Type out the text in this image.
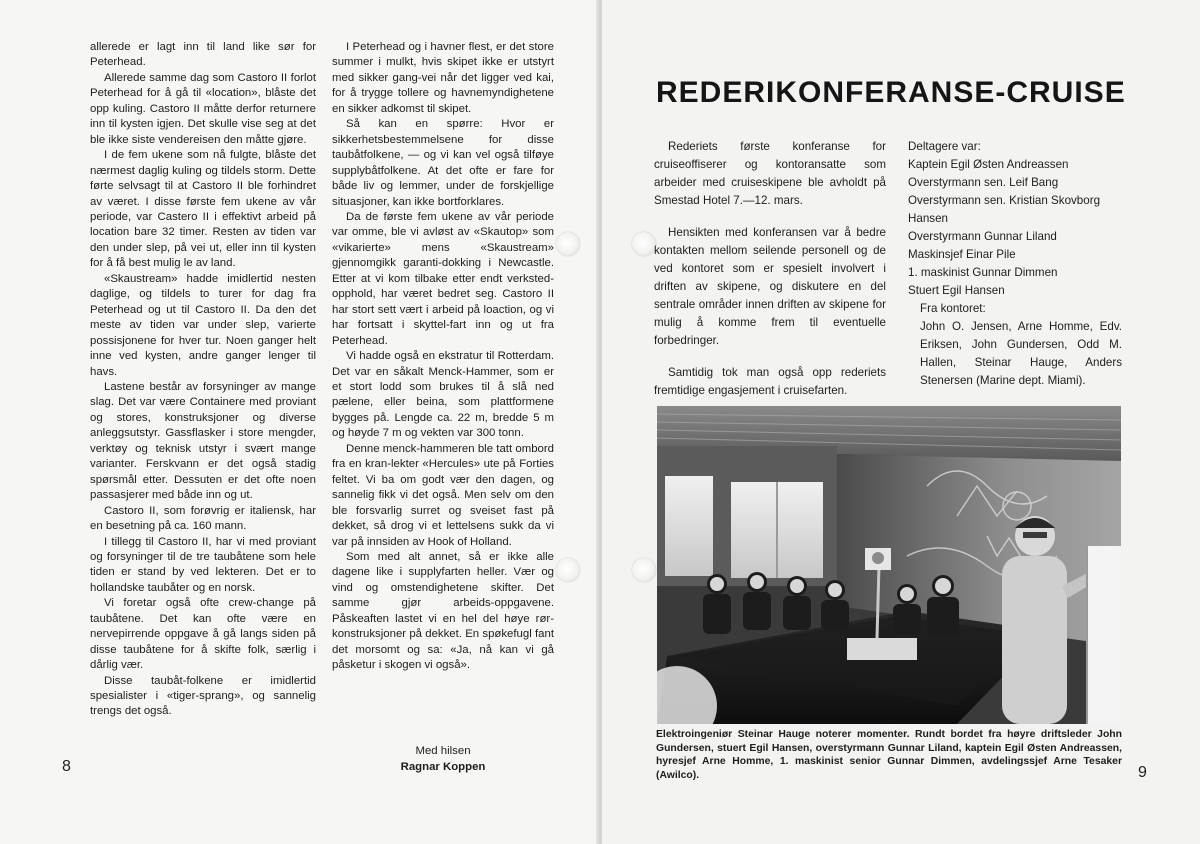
allerede er lagt inn til land like sør for Peterhead.

Allerede samme dag som Castoro II forlot Peterhead for å gå til «location», blåste det opp kuling. Castoro II måtte derfor returnere inn til kysten igjen. Det skulle vise seg at det ble ikke siste vendereisen den måtte gjøre.

I de fem ukene som nå fulgte, blåste det nærmest daglig kuling og tildels storm. Dette førte selvsagt til at Castoro II ble forhindret av været. I disse første fem ukene av vår periode, var Castero II i effektivt arbeid på location bare 32 timer. Resten av tiden var den under slep, på vei ut, eller inn til kysten for å få best mulig le av land.

«Skaustream» hadde imidlertid nesten daglige, og tildels to turer for dag fra Peterhead og ut til Castoro II. Da den det meste av tiden var under slep, varierte possisjonene for hver tur. Noen ganger helt inne ved kysten, andre ganger lenger til havs.

Lastene består av forsyninger av mange slag. Det var være Containere med proviant og stores, konstruksjoner og diverse anleggsutstyr. Gassflasker i store mengder, verktøy og teknisk utstyr i svært mange varianter. Ferskvann er det også stadig spørsmål etter. Dessuten er det ofte noen passasjerer med både inn og ut.

Castoro II, som forøvrig er italiensk, har en besetning på ca. 160 mann.

I tillegg til Castoro II, har vi med proviant og forsyninger til de tre taubåtene som hele tiden er stand by ved lekteren. Det er to hollandske taubåter og en norsk.

Vi foretar også ofte crew-change på taubåtene. Det kan ofte være en nervepirrende oppgave å gå langs siden på disse taubåtene for å skifte folk, særlig i dårlig vær.

Disse taubåt-folkene er imidlertid spesialister i «tiger-sprang», og sannelig trengs det også.

I Peterhead og i havner flest, er det store summer i mulkt, hvis skipet ikke er utstyrt med sikker gang-vei når det ligger ved kai, for å trygge tollere og havnemyndighetene en sikker adkomst til skipet.

Så kan en spørre: Hvor er sikkerhetsbestemmelsene for disse taubåtfolkene, — og vi kan vel også tilføye supplybåtfolkene. At det ofte er fare for både liv og lemmer, under de forskjellige situasjoner, kan ikke bortforklares.

Da de første fem ukene av vår periode var omme, ble vi avløst av «Skautop» som «vikarierte» mens «Skaustream» gjennomgikk garanti-dokking i Newcastle. Etter at vi kom tilbake etter endt verksted-opphold, har været bedret seg. Castoro II har stort sett vært i arbeid på loaction, og vi har fortsatt i skyttel-fart inn og ut fra Peterhead.

Vi hadde også en ekstratur til Rotterdam. Det var en såkalt Menck-Hammer, som er et stort lodd som brukes til å slå ned pælene, eller beina, som plattformene bygges på. Lengde ca. 22 m, bredde 5 m og høyde 7 m og vekten var 300 tonn.

Denne menck-hammeren ble tatt ombord fra en kran-lekter «Hercules» ute på Forties feltet. Vi ba om godt vær den dagen, og sannelig fikk vi det også. Men selv om den ble forsvarlig surret og sveiset fast på dekket, så drog vi et lettelsens sukk da vi var på innsiden av Hook of Holland.

Som med alt annet, så er ikke alle dagene like i supplyfarten heller. Vær og vind og omstendighetene skifter. Det samme gjør arbeids-oppgavene. Påskeaften lastet vi en hel del høye rør-konstruksjoner på dekket. En spøkefugl fant det morsomt og sa: «Ja, nå kan vi gå påsketur i skogen vi også».

Med hilsen
Ragnar Koppen
8
REDERIKONFERANSE-CRUISE

Rederiets første konferanse for cruiseoffiserer og kontoransatte som arbeider med cruiseskipene ble avholdt på Smestad Hotel 7.—12. mars.

Hensikten med konferansen var å bedre kontakten mellom seilende personell og de ved kontoret som er spesielt involvert i driften av skipene, og diskutere en del sentrale områder innen driften av skipene for mulig å komme frem til eventuelle forbedringer.

Samtidig tok man også opp rederiets fremtidige engasjement i cruisefarten.

Deltagere var:
Kaptein Egil Østen Andreassen
Overstyrmann sen. Leif Bang
Overstyrmann sen. Kristian Skovborg Hansen
Overstyrmann Gunnar Liland
Maskinsjef Einar Pile
1. maskinist Gunnar Dimmen
Stuert Egil Hansen
Fra kontoret:
John O. Jensen, Arne Homme, Edv. Eriksen, John Gundersen, Odd M. Hallen, Steinar Hauge, Anders Stenersen (Marine dept. Miami).
Elektroingeniør Steinar Hauge noterer momenter. Rundt bordet fra høyre driftsleder John Gundersen, stuert Egil Hansen, overstyrmann Gunnar Liland, kaptein Egil Østen Andreassen, hyresjef Arne Homme, 1. maskinist senior Gunnar Dimmen, avdelingssjef Arne Tesaker (Awilco).	9
